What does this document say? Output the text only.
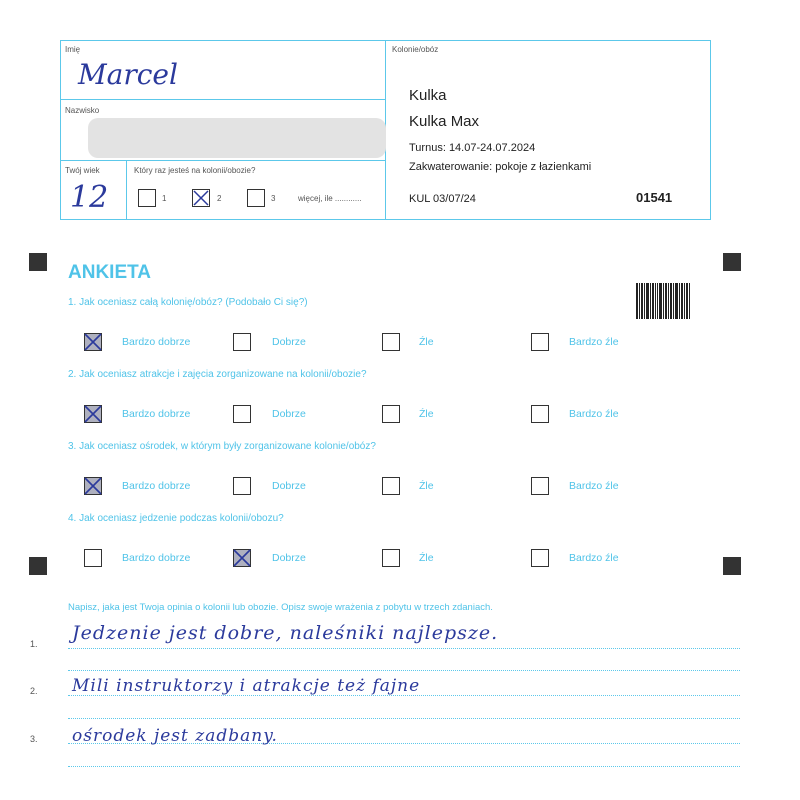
Imię
Marcel
Nazwisko
Twój wiek
12
Który raz jesteś na kolonii/obozie?
1	2	3	więcej, ile ............
Kolonie/obóz
Kulka
Kulka Max
Turnus: 14.07-24.07.2024
Zakwaterowanie: pokoje z łazienkami
KUL 03/07/24	01541
ANKIETA
1. Jak oceniasz całą kolonię/obóz? (Podobało Ci się?)
Bardzo dobrze	Dobrze	Źle	Bardzo źle
2. Jak oceniasz atrakcje i zajęcia zorganizowane na kolonii/obozie?
Bardzo dobrze	Dobrze	Źle	Bardzo źle
3. Jak oceniasz ośrodek, w którym były zorganizowane kolonie/obóz?
Bardzo dobrze	Dobrze	Źle	Bardzo źle
4. Jak oceniasz jedzenie podczas kolonii/obozu?
Bardzo dobrze	Dobrze	Źle	Bardzo źle
Napisz, jaka jest Twoja opinia o kolonii lub obozie. Opisz swoje wrażenia z pobytu w trzech zdaniach.
1.
2.
3.
Jedzenie jest dobre, naleśniki najlepsze.
Mili instruktorzy i atrakcje też fajne
ośrodek jest zadbany.
